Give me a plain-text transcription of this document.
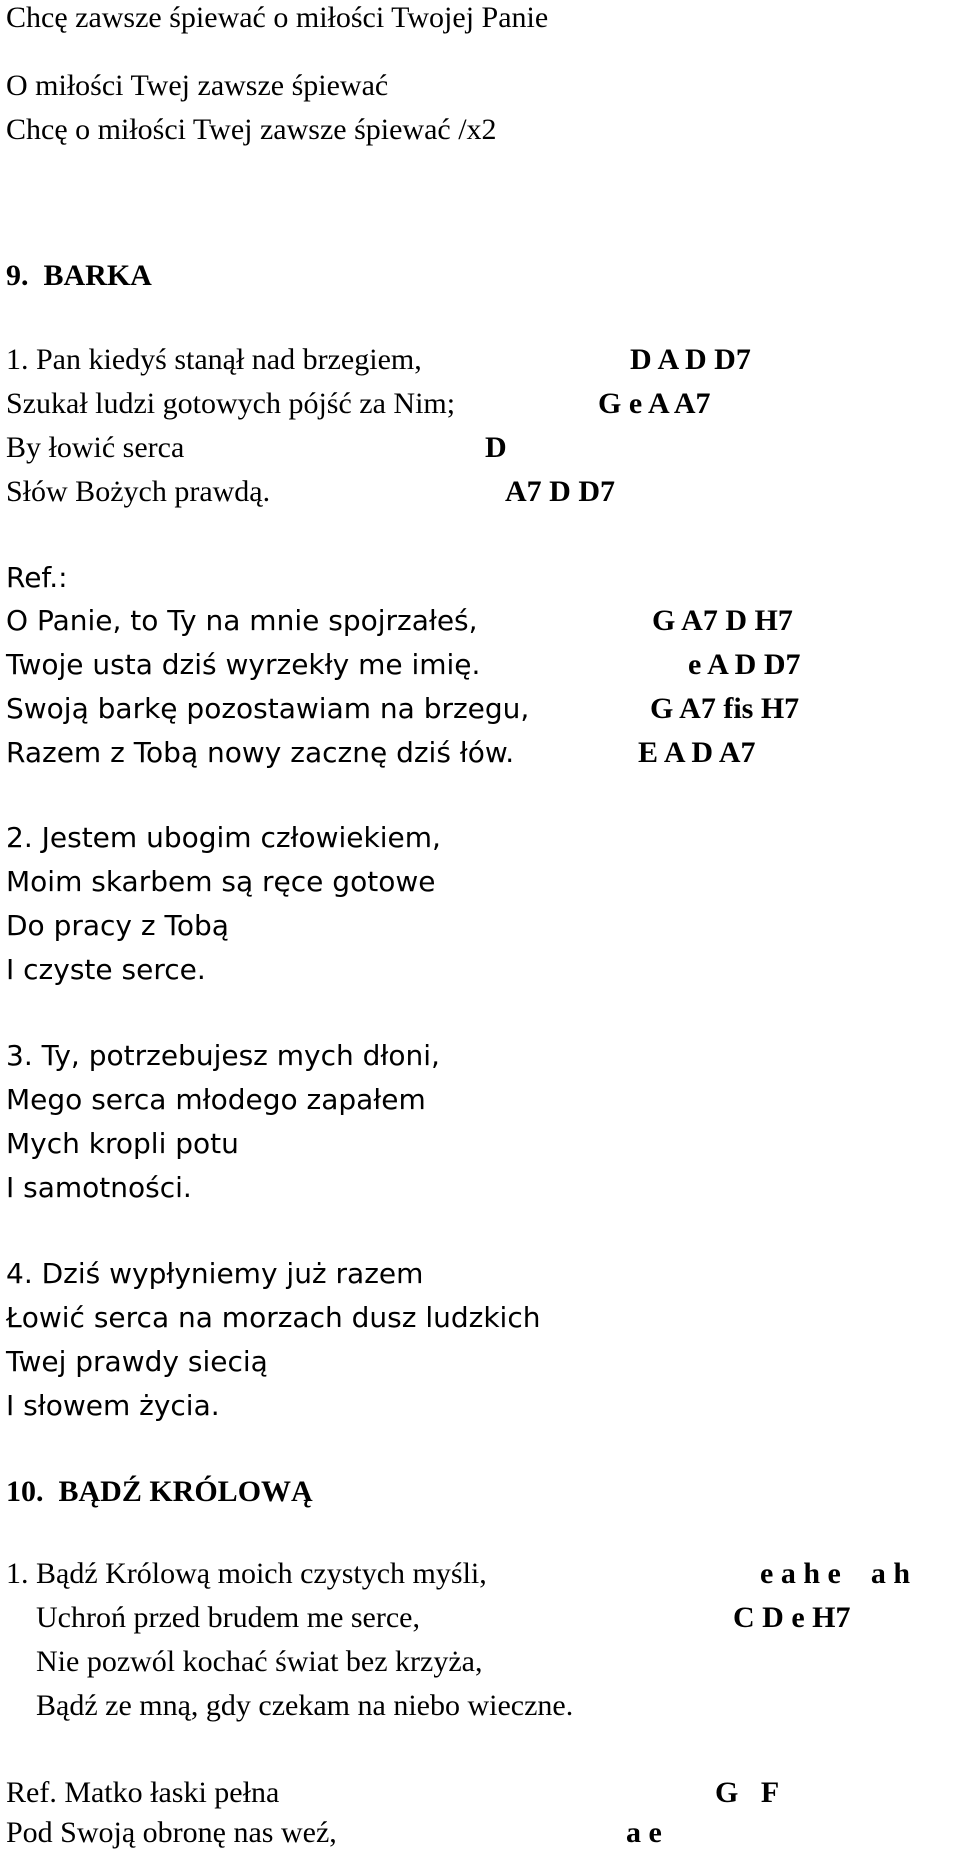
Chcę zawsze śpiewać o miłości Twojej Panie

O miłości Twej zawsze śpiewać

Chcę o miłości Twej zawsze śpiewać /x2

9.  BARKA

1. Pan kiedyś stanął nad brzegiem,	D A D D7

Szukał ludzi gotowych pójść za Nim;	G e A A7

By łowić serca	D

Słów Bożych prawdą.	A7 D D7

Ref.:

O Panie, to Ty na mnie spojrzałeś,	G A7 D H7

Twoje usta dziś wyrzekły me imię.	e A D D7

Swoją barkę pozostawiam na brzegu,	G A7 fis H7

Razem z Tobą nowy zacznę dziś łów.	E A D A7

2. Jestem ubogim człowiekiem,

Moim skarbem są ręce gotowe

Do pracy z Tobą

I czyste serce.

3. Ty, potrzebujesz mych dłoni,

Mego serca młodego zapałem

Mych kropli potu

I samotności.

4. Dziś wypłyniemy już razem

Łowić serca na morzach dusz ludzkich

Twej prawdy siecią

I słowem życia.

10.  BĄDŹ KRÓLOWĄ

1. Bądź Królową moich czystych myśli,	e a h e    a h

Uchroń przed brudem me serce,	C D e H7

Nie pozwól kochać świat bez krzyża,

Bądź ze mną, gdy czekam na niebo wieczne.

Ref. Matko łaski pełna	G   F

Pod Swoją obronę nas weź,	a e
